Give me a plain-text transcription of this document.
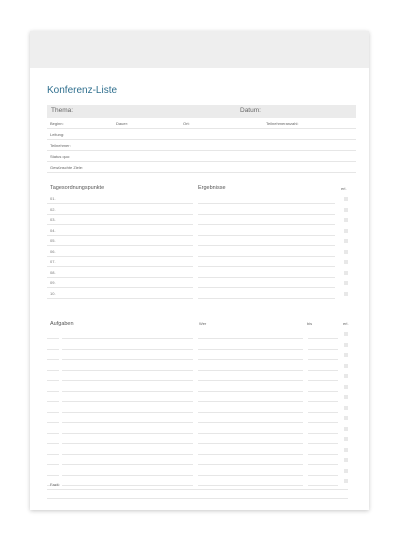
Konferenz-Liste
Thema:	Datum:
Beginn:	Dauer:	Ort:	Teilnehmeranzahl:
Leitung:
Teilnehmer:
Status quo:
Gewünschte Ziele:
Tagesordnungspunkte	Ergebnisse	erl.
01.
02.
03.
04.
05.
06.
07.
08.
09.
10.
Aufgaben	Wer	bis	erl.
Fazit:
